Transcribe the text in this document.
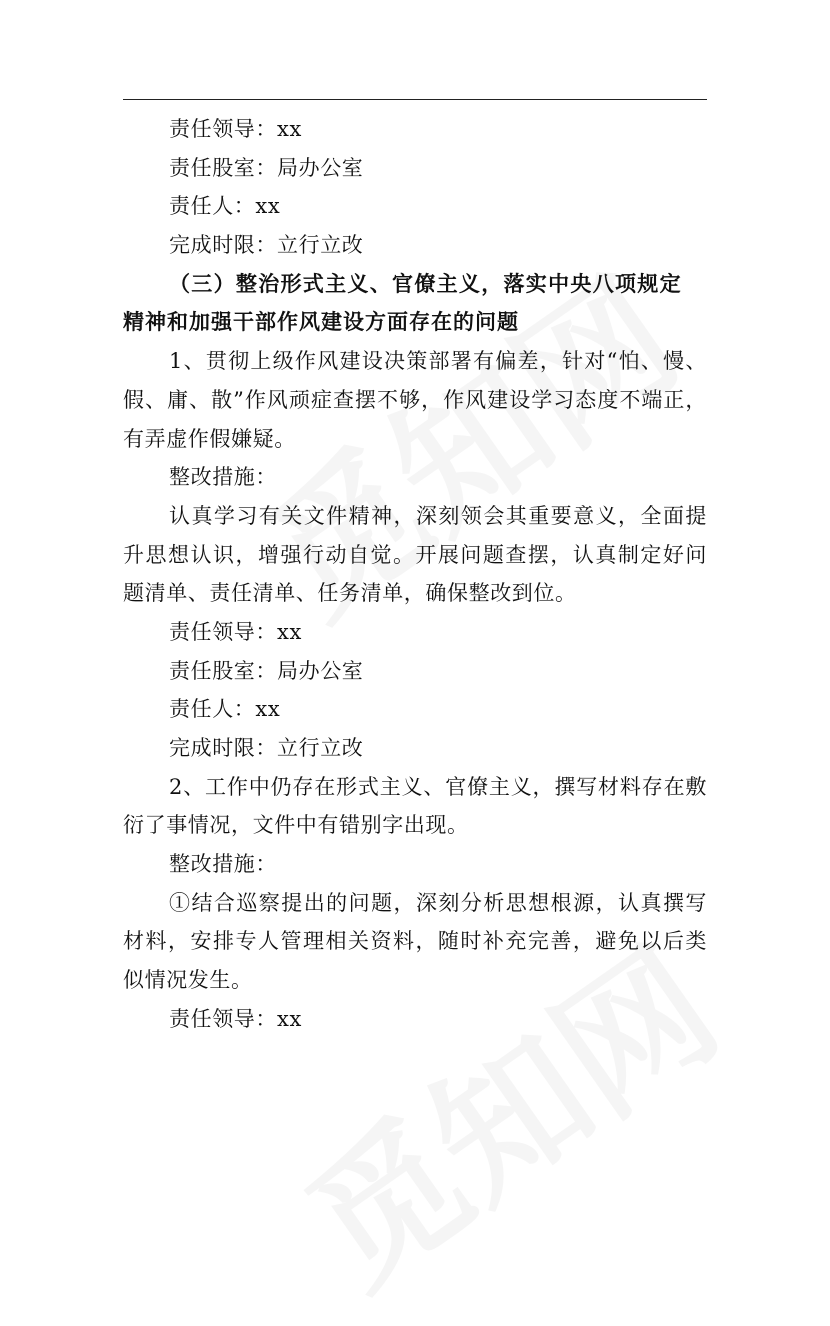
责任领导：xx
责任股室：局办公室
责任人：xx
完成时限：立行立改
（三）整治形式主义、官僚主义，落实中央八项规定
精神和加强干部作风建设方面存在的问题
1、贯彻上级作风建设决策部署有偏差，针对“怕、慢、
假、庸、散”作风顽症查摆不够，作风建设学习态度不端正，
有弄虚作假嫌疑。
整改措施：
认真学习有关文件精神，深刻领会其重要意义，全面提
升思想认识，增强行动自觉。开展问题查摆，认真制定好问
题清单、责任清单、任务清单，确保整改到位。
责任领导：xx
责任股室：局办公室
责任人：xx
完成时限：立行立改
2、工作中仍存在形式主义、官僚主义，撰写材料存在敷
衍了事情况，文件中有错别字出现。
整改措施：
①结合巡察提出的问题，深刻分析思想根源，认真撰写
材料，安排专人管理相关资料，随时补充完善，避免以后类
似情况发生。
责任领导：xx
